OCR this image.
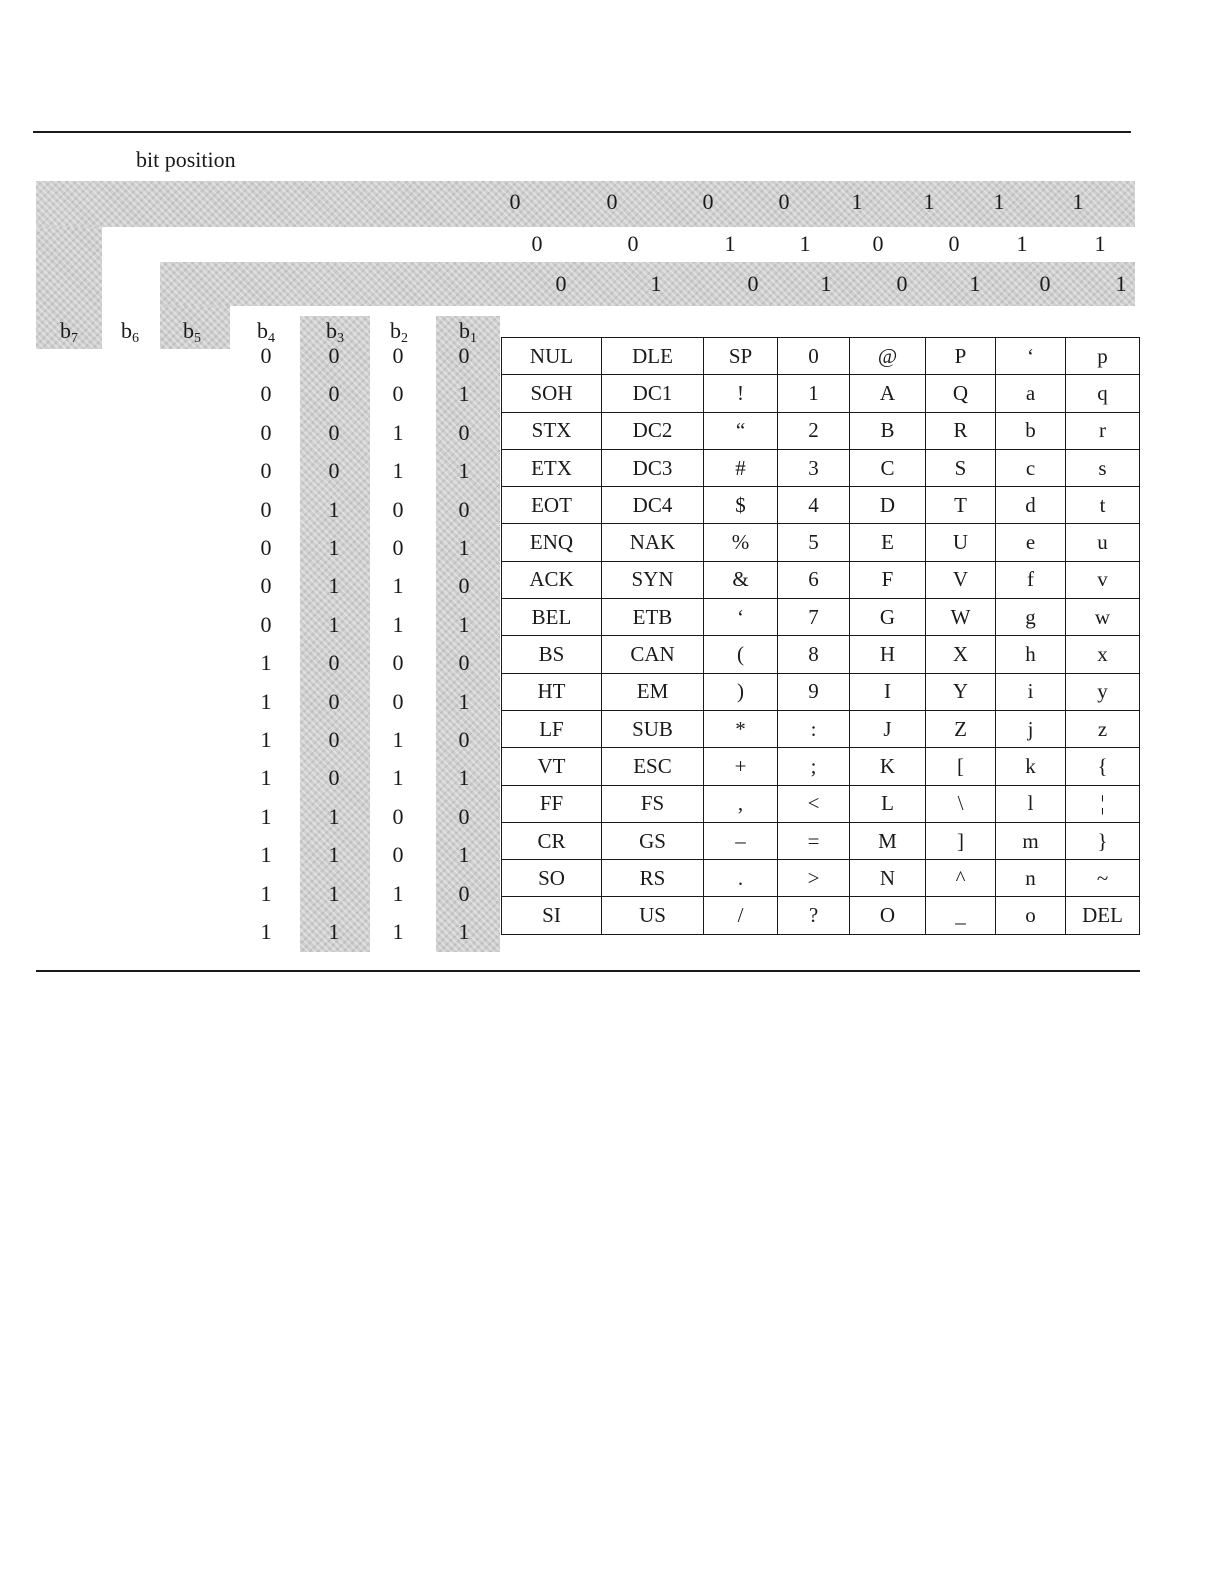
bit position
b7	b6	b5	b4	b3	b2	b1
0	0	0	0	1	1	1	1
0	0	1	1	0	0	1	1
0	1	0	1	0	1	0	1
0	0	0	0
0	0	0	1
0	0	1	0
0	0	1	1
0	1	0	0
0	1	0	1
0	1	1	0
0	1	1	1
1	0	0	0
1	0	0	1
1	0	1	0
1	0	1	1
1	1	0	0
1	1	0	1
1	1	1	0
1	1	1	1
NUL	DLE	SP	0	@	P	‘	p
SOH	DC1	!	1	A	Q	a	q
STX	DC2	“	2	B	R	b	r
ETX	DC3	#	3	C	S	c	s
EOT	DC4	$	4	D	T	d	t
ENQ	NAK	%	5	E	U	e	u
ACK	SYN	&	6	F	V	f	v
BEL	ETB	‘	7	G	W	g	w
BS	CAN	(	8	H	X	h	x
HT	EM	)	9	I	Y	i	y
LF	SUB	*	:	J	Z	j	z
VT	ESC	+	;	K	[	k	{
FF	FS	,	<	L	\	l	¦
CR	GS	–	=	M	]	m	}
SO	RS	.	>	N	^	n	~
SI	US	/	?	O	_	o	DEL
